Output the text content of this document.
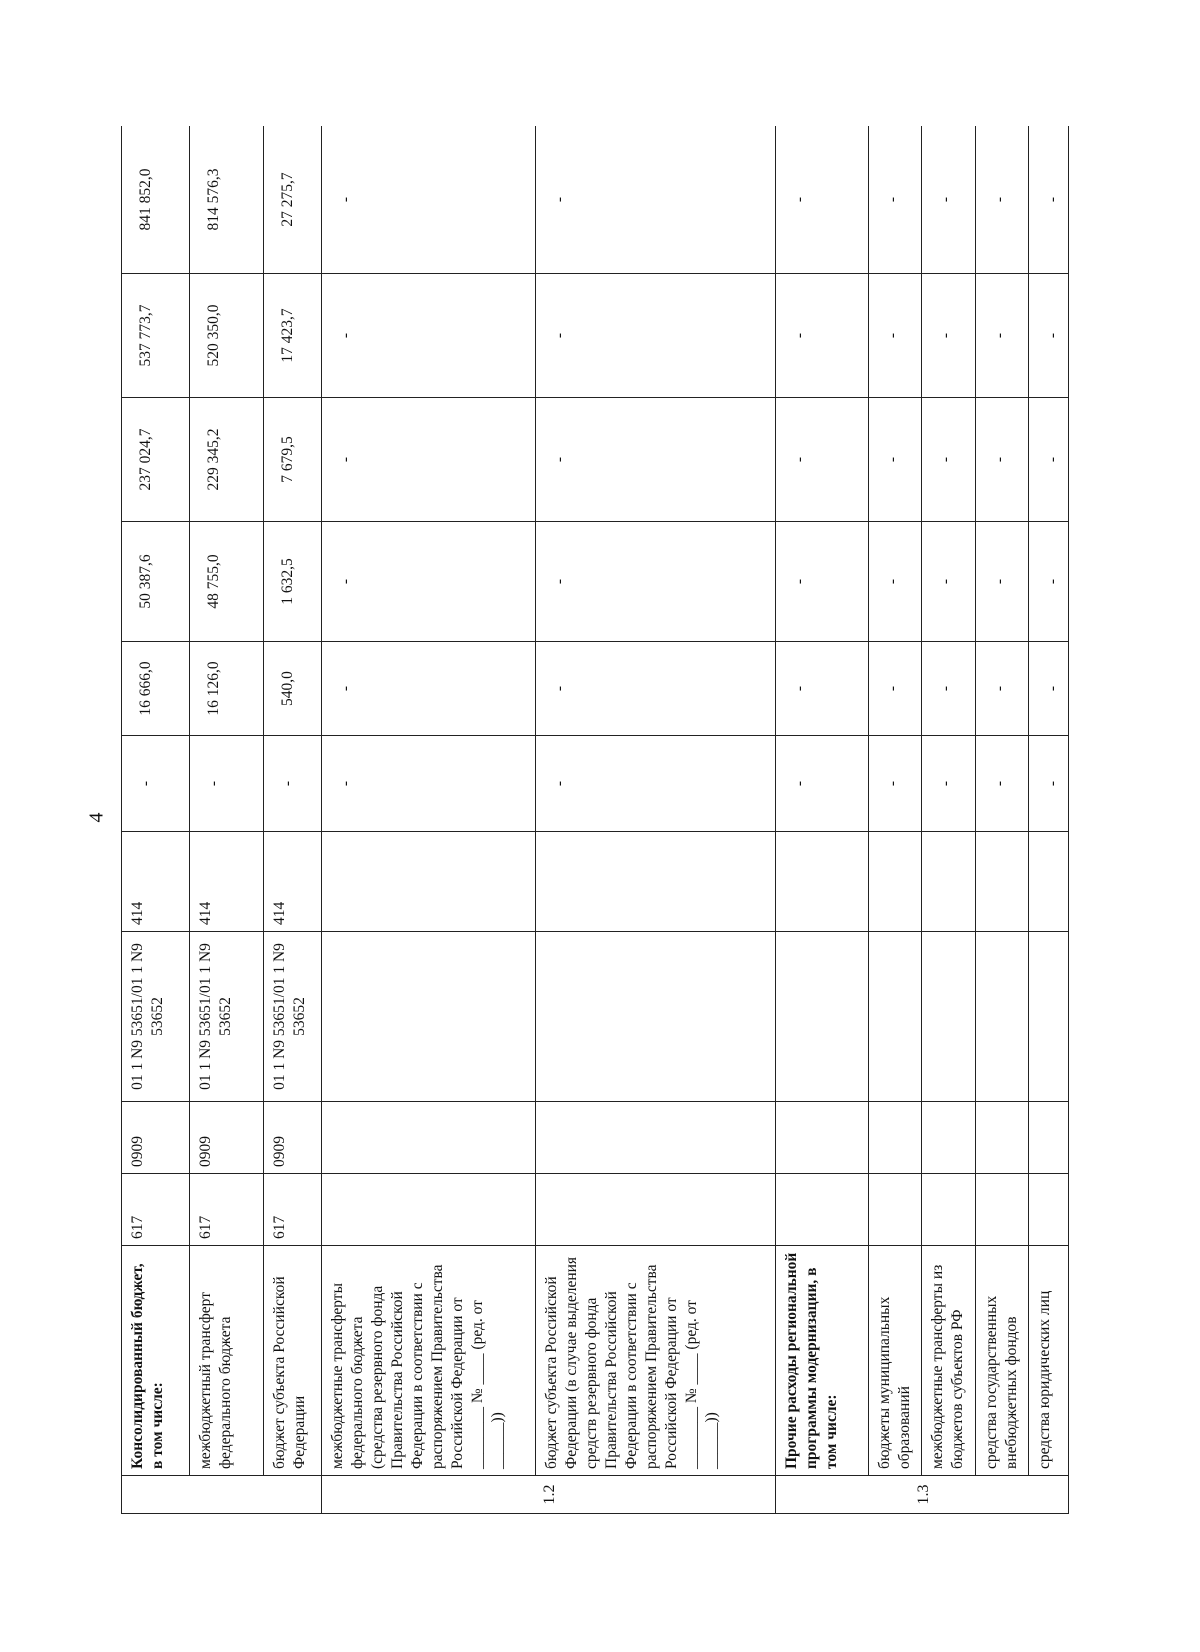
4
	Консолидированный бюджет, в том числе:	617	0909	01 1 N9 53651/01 1 N9 53652	414	-	16 666,0	50 387,6	237 024,7	537 773,7	841 852,0
	межбюджетный трансферт федерального бюджета	617	0909	01 1 N9 53651/01 1 N9 53652	414	-	16 126,0	48 755,0	229 345,2	520 350,0	814 576,3
	бюджет субъекта Российской Федерации	617	0909	01 1 N9 53651/01 1 N9 53652	414	-	540,0	1 632,5	7 679,5	17 423,7	27 275,7
1.2	межбюджетные трансферты федерального бюджета (средства резервного фонда Правительства Российской Федерации в соответствии с распоряжением Правительства Российской Федерации от ________ № ____ (ред. от ______))					-	-	-	-	-	-
	бюджет субъекта Российской Федерации (в случае выделения средств резервного фонда Правительства Российской Федерации в соответствии с распоряжением Правительства Российской Федерации от ________ № ____ (ред. от ______))					-	-	-	-	-	-
1.3	Прочие расходы региональной программы модернизации, в том числе:					-	-	-	-	-	-
	бюджеты муниципальных образований					-	-	-	-	-	-
	межбюджетные трансферты из бюджетов субъектов РФ					-	-	-	-	-	-
	средства государственных внебюджетных фондов					-	-	-	-	-	-
	средства юридических лиц					-	-	-	-	-	-
